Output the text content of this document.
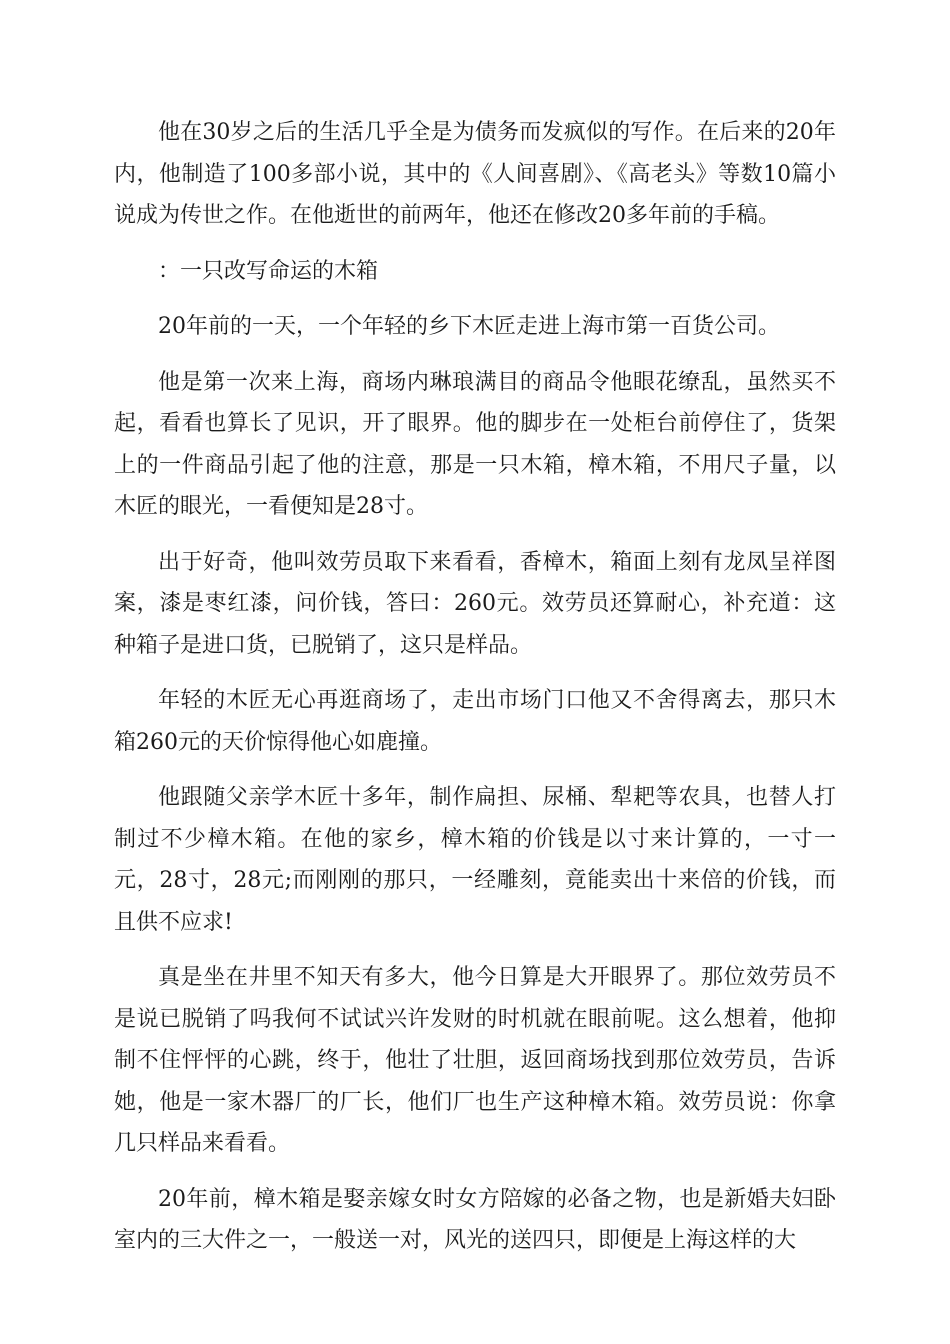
他在30岁之后的生活几乎全是为债务而发疯似的写作。在后来的20年内，他制造了100多部小说，其中的《人间喜剧》、《高老头》等数10篇小说成为传世之作。在他逝世的前两年，他还在修改20多年前的手稿。

：一只改写命运的木箱

20年前的一天，一个年轻的乡下木匠走进上海市第一百货公司。

他是第一次来上海，商场内琳琅满目的商品令他眼花缭乱，虽然买不起，看看也算长了见识，开了眼界。他的脚步在一处柜台前停住了，货架上的一件商品引起了他的注意，那是一只木箱，樟木箱，不用尺子量，以木匠的眼光，一看便知是28寸。

出于好奇，他叫效劳员取下来看看，香樟木，箱面上刻有龙凤呈祥图案，漆是枣红漆，问价钱，答曰：260元。效劳员还算耐心，补充道：这种箱子是进口货，已脱销了，这只是样品。

年轻的木匠无心再逛商场了，走出市场门口他又不舍得离去，那只木箱260元的天价惊得他心如鹿撞。

他跟随父亲学木匠十多年，制作扁担、尿桶、犁耙等农具，也替人打制过不少樟木箱。在他的家乡，樟木箱的价钱是以寸来计算的，一寸一元，28寸，28元;而刚刚的那只，一经雕刻，竟能卖出十来倍的价钱，而且供不应求!

真是坐在井里不知天有多大，他今日算是大开眼界了。那位效劳员不是说已脱销了吗我何不试试兴许发财的时机就在眼前呢。这么想着，他抑制不住怦怦的心跳，终于，他壮了壮胆，返回商场找到那位效劳员，告诉她，他是一家木器厂的厂长，他们厂也生产这种樟木箱。效劳员说：你拿几只样品来看看。

20年前，樟木箱是娶亲嫁女时女方陪嫁的必备之物，也是新婚夫妇卧室内的三大件之一，一般送一对，风光的送四只，即便是上海这样的大
